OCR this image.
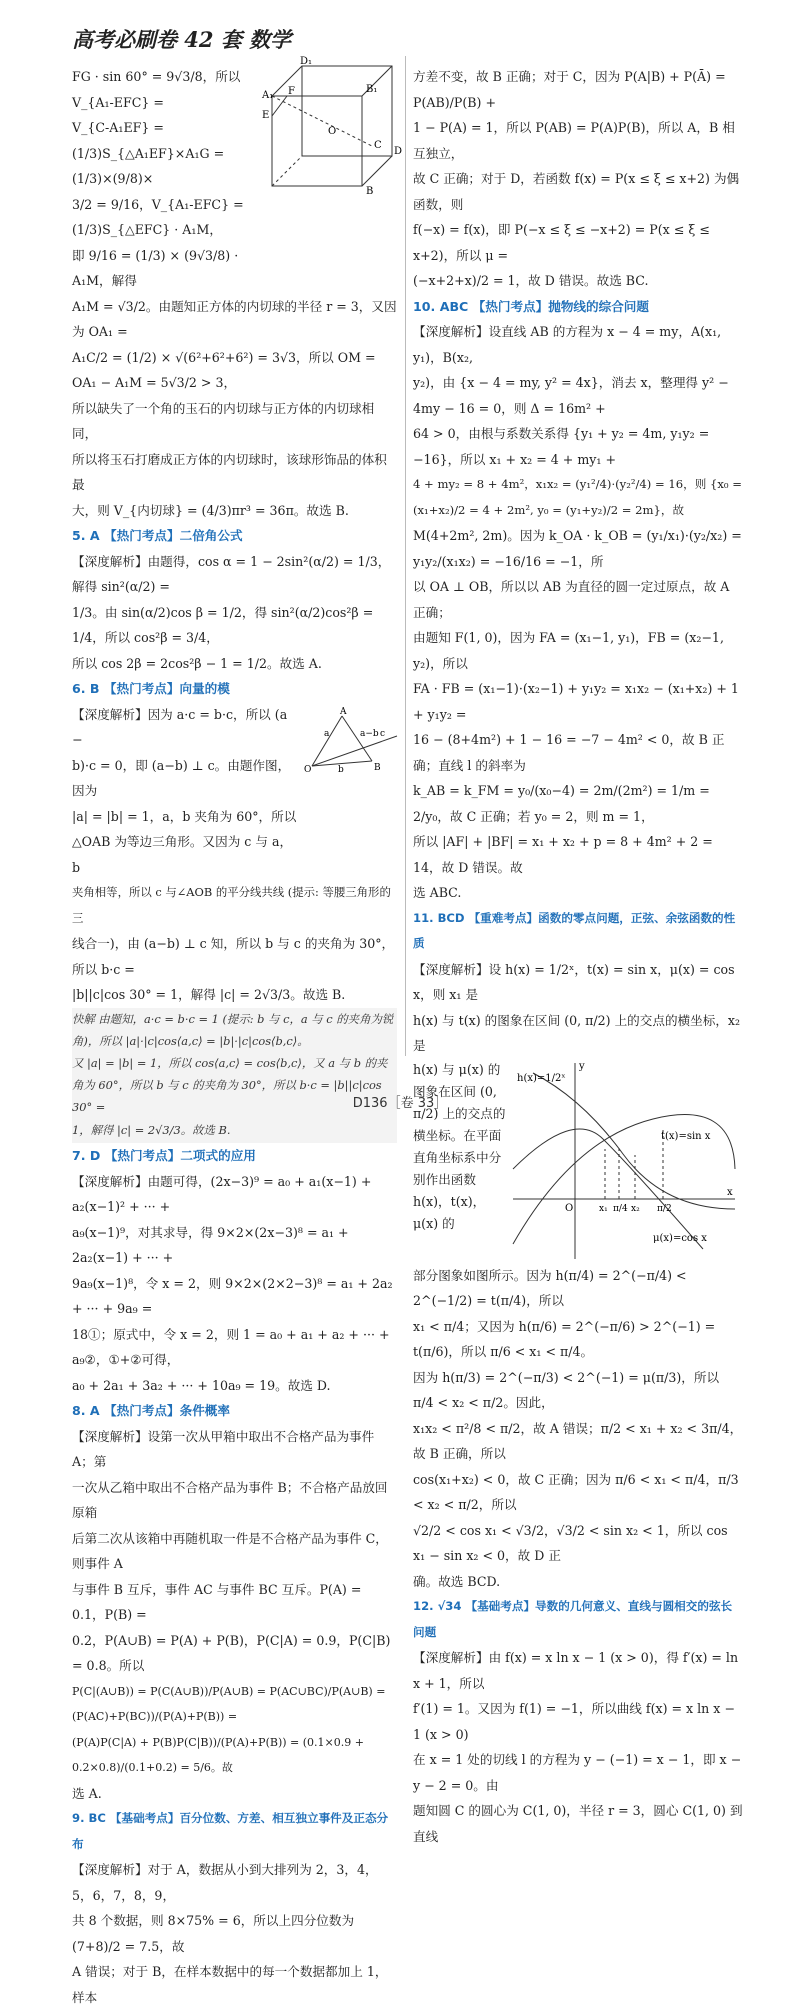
高考必刷卷 42 套 数学
A₁
E
F
D₁
B₁
O
D
B
C

FG · sin 60° = 9√3/8，所以 V_{A₁-EFC} =

V_{C-A₁EF} = (1/3)S_{△A₁EF}×A₁G = (1/3)×(9/8)×

3/2 = 9/16，V_{A₁-EFC} = (1/3)S_{△EFC} · A₁M，

即 9/16 = (1/3) × (9√3/8) · A₁M，解得

A₁M = √3/2。由题知正方体的内切球的半径 r = 3，又因为 OA₁ =

A₁C/2 = (1/2) × √(6²+6²+6²) = 3√3，所以 OM = OA₁ − A₁M = 5√3/2 > 3，

所以缺失了一个角的玉石的内切球与正方体的内切球相同，

所以将玉石打磨成正方体的内切球时，该球形饰品的体积最

大，则 V_{内切球} = (4/3)πr³ = 36π。故选 B.

5. A 【热门考点】二倍角公式

【深度解析】由题得，cos α = 1 − 2sin²(α/2) = 1/3，解得 sin²(α/2) =

1/3。由 sin(α/2)cos β = 1/2，得 sin²(α/2)cos²β = 1/4，所以 cos²β = 3/4，

所以 cos 2β = 2cos²β − 1 = 1/2。故选 A.

6. B 【热门考点】向量的模

a
b
c
a−b
A
B
O

【深度解析】因为 a·c = b·c，所以 (a −

b)·c = 0，即 (a−b) ⊥ c。由题作图，因为

|a| = |b| = 1，a，b 夹角为 60°，所以

△OAB 为等边三角形。又因为 c 与 a，b

夹角相等，所以 c 与∠AOB 的平分线共线 (提示: 等腰三角形的三

线合一)，由 (a−b) ⊥ c 知，所以 b 与 c 的夹角为 30°，所以 b·c =

|b||c|cos 30° = 1，解得 |c| = 2√3/3。故选 B.

快解 由题知，a·c = b·c = 1 (提示: b 与 c，a 与 c 的夹角为锐角)，所以 |a|·|c|cos⟨a,c⟩ = |b|·|c|cos⟨b,c⟩。

又 |a| = |b| = 1，所以 cos⟨a,c⟩ = cos⟨b,c⟩，又 a 与 b 的夹角为 60°，所以 b 与 c 的夹角为 30°，所以 b·c = |b||c|cos 30° =

1，解得 |c| = 2√3/3。故选 B.

7. D 【热门考点】二项式的应用

【深度解析】由题可得，(2x−3)⁹ = a₀ + a₁(x−1) + a₂(x−1)² + ··· +

a₉(x−1)⁹，对其求导，得 9×2×(2x−3)⁸ = a₁ + 2a₂(x−1) + ··· +

9a₉(x−1)⁸，令 x = 2，则 9×2×(2×2−3)⁸ = a₁ + 2a₂ + ··· + 9a₉ =

18①；原式中，令 x = 2，则 1 = a₀ + a₁ + a₂ + ··· + a₉②，①+②可得，

a₀ + 2a₁ + 3a₂ + ··· + 10a₉ = 19。故选 D.

8. A 【热门考点】条件概率

【深度解析】设第一次从甲箱中取出不合格产品为事件 A；第

一次从乙箱中取出不合格产品为事件 B；不合格产品放回原箱

后第二次从该箱中再随机取一件是不合格产品为事件 C，则事件 A

与事件 B 互斥，事件 AC 与事件 BC 互斥。P(A) = 0.1，P(B) =

0.2，P(A∪B) = P(A) + P(B)，P(C|A) = 0.9，P(C|B) = 0.8。所以

P(C|(A∪B)) = P(C(A∪B))/P(A∪B) = P(AC∪BC)/P(A∪B) = (P(AC)+P(BC))/(P(A)+P(B)) =

(P(A)P(C|A) + P(B)P(C|B))/(P(A)+P(B)) = (0.1×0.9 + 0.2×0.8)/(0.1+0.2) = 5/6。故

选 A.

9. BC 【基础考点】百分位数、方差、相互独立事件及正态分布

【深度解析】对于 A，数据从小到大排列为 2，3，4，5，6，7，8，9，

共 8 个数据，则 8×75% = 6，所以上四分位数为 (7+8)/2 = 7.5，故

A 错误；对于 B，在样本数据中的每一个数据都加上 1，样本

方差不变，故 B 正确；对于 C，因为 P(A|B) + P(Ā) = P(AB)/P(B) +

1 − P(A) = 1，所以 P(AB) = P(A)P(B)，所以 A，B 相互独立，

故 C 正确；对于 D，若函数 f(x) = P(x ≤ ξ ≤ x+2) 为偶函数，则

f(−x) = f(x)，即 P(−x ≤ ξ ≤ −x+2) = P(x ≤ ξ ≤ x+2)，所以 μ =

(−x+2+x)/2 = 1，故 D 错误。故选 BC.

10. ABC 【热门考点】抛物线的综合问题

【深度解析】设直线 AB 的方程为 x − 4 = my，A(x₁, y₁)，B(x₂,

y₂)，由 {x − 4 = my, y² = 4x}，消去 x，整理得 y² − 4my − 16 = 0，则 Δ = 16m² +

64 > 0，由根与系数关系得 {y₁ + y₂ = 4m, y₁y₂ = −16}，所以 x₁ + x₂ = 4 + my₁ +

4 + my₂ = 8 + 4m²，x₁x₂ = (y₁²/4)·(y₂²/4) = 16，则 {x₀ = (x₁+x₂)/2 = 4 + 2m², y₀ = (y₁+y₂)/2 = 2m}，故

M(4+2m², 2m)。因为 k_OA · k_OB = (y₁/x₁)·(y₂/x₂) = y₁y₂/(x₁x₂) = −16/16 = −1，所

以 OA ⊥ OB，所以以 AB 为直径的圆一定过原点，故 A 正确；

由题知 F(1, 0)，因为 FA = (x₁−1, y₁)，FB = (x₂−1, y₂)，所以

FA · FB = (x₁−1)·(x₂−1) + y₁y₂ = x₁x₂ − (x₁+x₂) + 1 + y₁y₂ =

16 − (8+4m²) + 1 − 16 = −7 − 4m² < 0，故 B 正确；直线 l 的斜率为

k_AB = k_FM = y₀/(x₀−4) = 2m/(2m²) = 1/m = 2/y₀，故 C 正确；若 y₀ = 2，则 m = 1，

所以 |AF| + |BF| = x₁ + x₂ + p = 8 + 4m² + 2 = 14，故 D 错误。故

选 ABC.

11. BCD 【重难考点】函数的零点问题，正弦、余弦函数的性质

【深度解析】设 h(x) = 1/2ˣ，t(x) = sin x，μ(x) = cos x，则 x₁ 是

h(x) 与 t(x) 的图象在区间 (0, π/2) 上的交点的横坐标，x₂ 是

h(x) 与 μ(x) 的图象在区间 (0, π/2) 上的交点的横坐标。在平面直角坐标系中分别作出函数 h(x)，t(x)，μ(x) 的

h(x)=1/2ˣ
t(x)=sin x
μ(x)=cos x
x
y
O	x₁ π/4 x₂ π/2

部分图象如图所示。因为 h(π/4) = 2^(−π/4) < 2^(−1/2) = t(π/4)，所以

x₁ < π/4；又因为 h(π/6) = 2^(−π/6) > 2^(−1) = t(π/6)，所以 π/6 < x₁ < π/4。

因为 h(π/3) = 2^(−π/3) < 2^(−1) = μ(π/3)，所以 π/4 < x₂ < π/2。因此，

x₁x₂ < π²/8 < π/2，故 A 错误；π/2 < x₁ + x₂ < 3π/4，故 B 正确，所以

cos(x₁+x₂) < 0，故 C 正确；因为 π/6 < x₁ < π/4，π/3 < x₂ < π/2，所以

√2/2 < cos x₁ < √3/2，√3/2 < sin x₂ < 1，所以 cos x₁ − sin x₂ < 0，故 D 正

确。故选 BCD.

12. √34 【基础考点】导数的几何意义、直线与圆相交的弦长问题

【深度解析】由 f(x) = x ln x − 1 (x > 0)，得 f′(x) = ln x + 1，所以

f′(1) = 1。又因为 f(1) = −1，所以曲线 f(x) = x ln x − 1 (x > 0)

在 x = 1 处的切线 l 的方程为 y − (−1) = x − 1，即 x − y − 2 = 0。由

题知圆 C 的圆心为 C(1, 0)，半径 r = 3，圆心 C(1, 0) 到直线

D136［卷 33］
